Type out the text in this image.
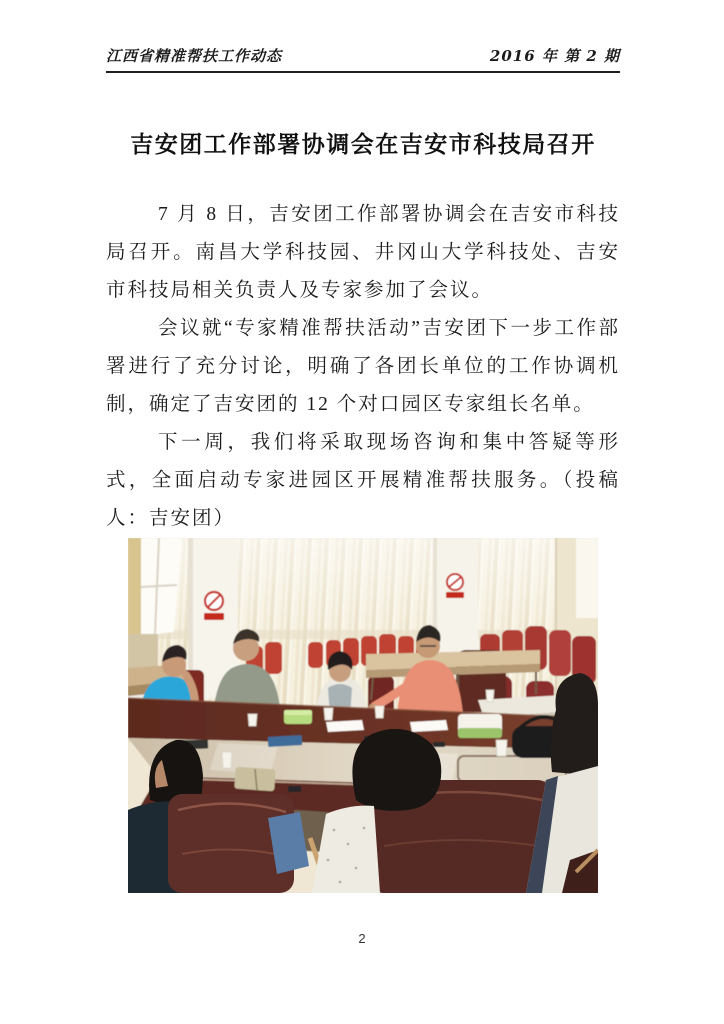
江西省精准帮扶工作动态	2016 年 第 2 期
吉安团工作部署协调会在吉安市科技局召开

7 月 8 日，吉安团工作部署协调会在吉安市科技局召开。南昌大学科技园、井冈山大学科技处、吉安市科技局相关负责人及专家参加了会议。

会议就“专家精准帮扶活动”吉安团下一步工作部署进行了充分讨论，明确了各团长单位的工作协调机制，确定了吉安团的 12 个对口园区专家组长名单。

下一周，我们将采取现场咨询和集中答疑等形式，全面启动专家进园区开展精准帮扶服务。（投稿人：吉安团）

2
